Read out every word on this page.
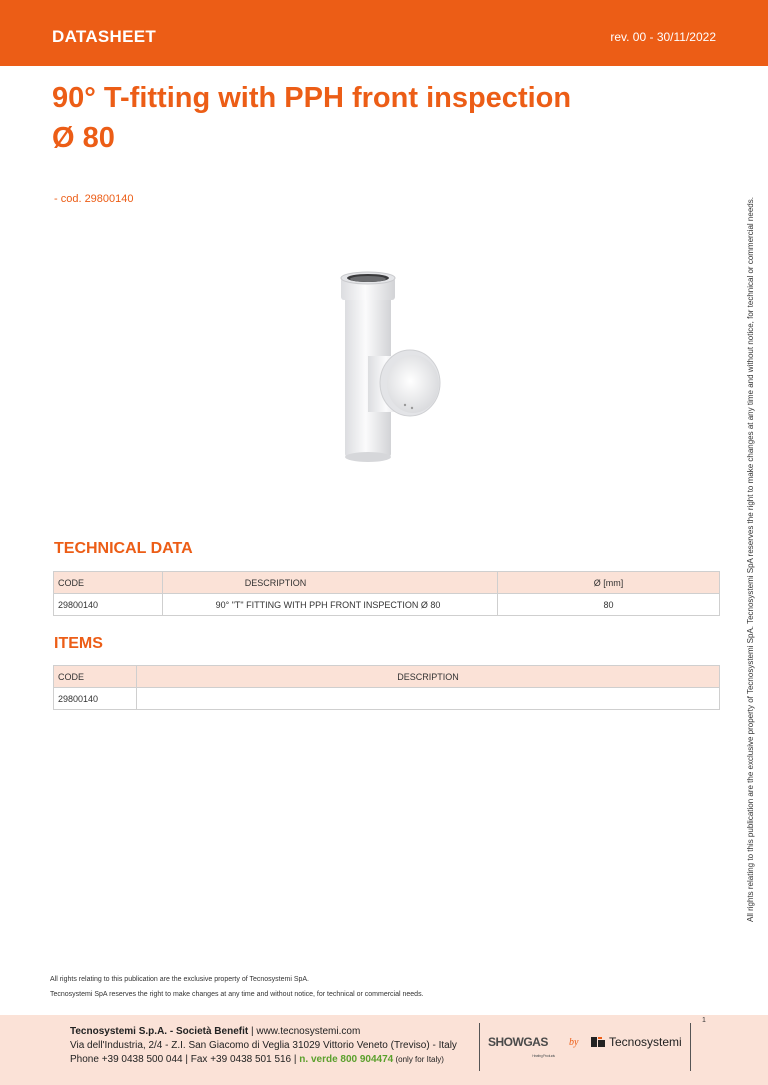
DATASHEET	rev. 00 - 30/11/2022
90° T-fitting with PPH front inspection
Ø 80
- cod. 29800140	All rights relating to this publication are the exclusive property of Tecnosystemi SpA. Tecnosystemi SpA reserves the right to make changes at any time and without notice, for technical or commercial needs.
TECHNICAL DATA
CODE	DESCRIPTION	Ø [mm]
29800140	90° "T" FITTING WITH PPH FRONT INSPECTION Ø 80	80
ITEMS
CODE	DESCRIPTION
29800140	
All rights relating to this publication are the exclusive property of Tecnosystemi SpA.
Tecnosystemi SpA reserves the right to make changes at any time and without notice, for technical or commercial needs.
Tecnosystemi S.p.A. - Società Benefit | www.tecnosystemi.com
Via dell'Industria, 2/4 - Z.I. San Giacomo di Veglia 31029 Vittorio Veneto (Treviso) - Italy
Phone +39 0438 500 044 | Fax +39 0438 501 516 | n. verde 800 904474 (only for Italy)
SHOWGAS
Heating Products
by	Tecnosystemi
1
